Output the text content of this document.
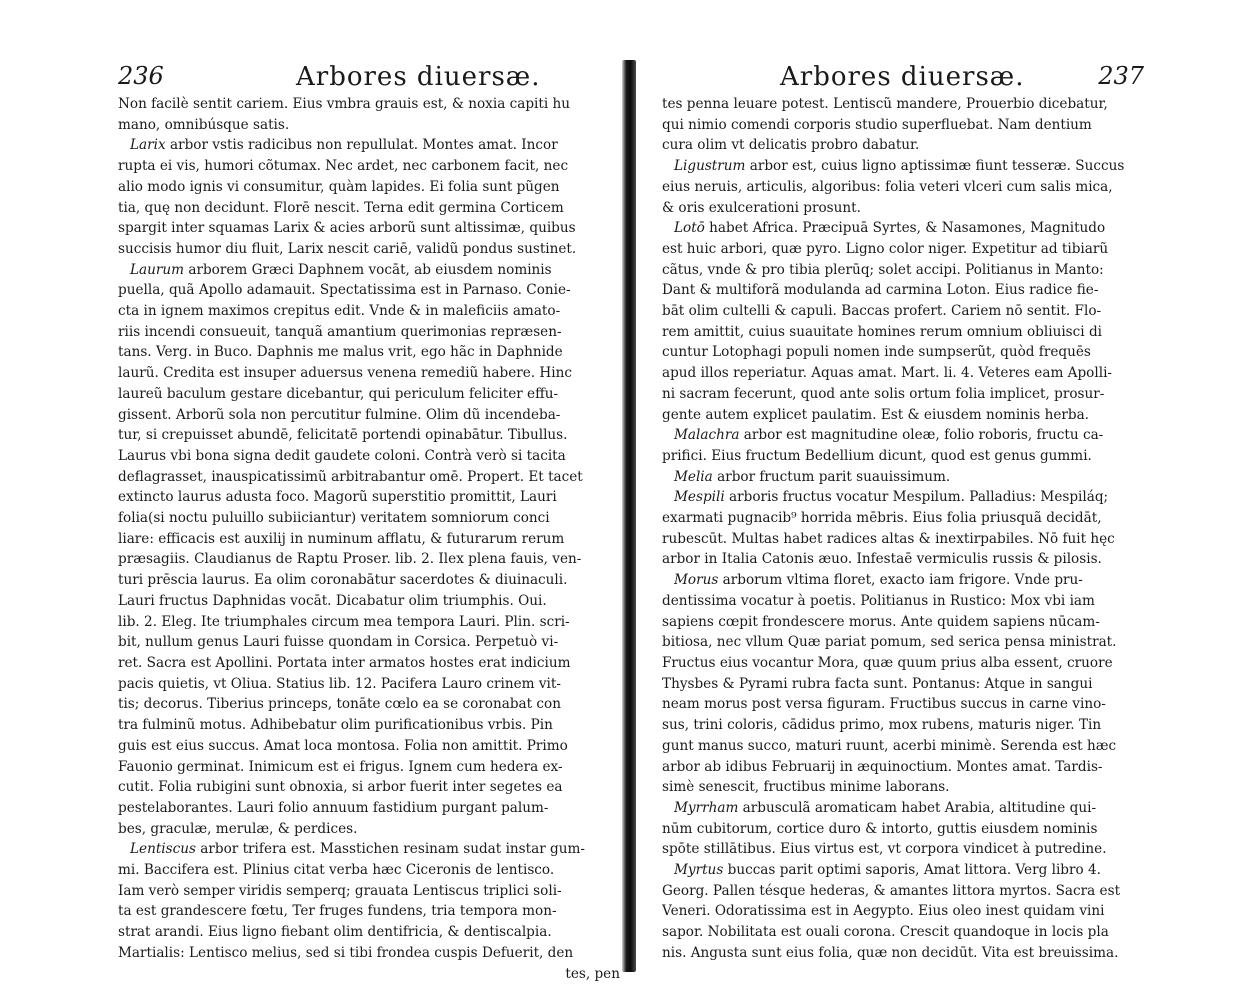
236	Arbores diuersæ.
Non facilè sentit cariem. Eius vmbra grauis est, & noxia capiti hu
mano, omnibúsque satis.
Larix arbor vstis radicibus non repullulat. Montes amat. Incor
rupta ei vis, humori cõtumax. Nec ardet, nec carbonem facit, nec
alio modo ignis vi consumitur, quàm lapides. Ei folia sunt pũgen
tia, quę non decidunt. Florē nescit. Terna edit germina Corticem
spargit inter squamas Larix & acies arborũ sunt altissimæ, quibus
succisis humor diu fluit, Larix nescit cariē, validũ pondus sustinet.
Laurum arborem Græci Daphnem vocāt, ab eiusdem nominis
puella, quã Apollo adamauit. Spectatissima est in Parnaso. Conie-
cta in ignem maximos crepitus edit. Vnde & in maleficiis amato-
riis incendi consueuit, tanquã amantium querimonias repræsen-
tans. Verg. in Buco. Daphnis me malus vrit, ego hãc in Daphnide
laurũ. Credita est insuper aduersus venena remediũ habere. Hinc
laureũ baculum gestare dicebantur, qui periculum feliciter effu-
gissent. Arborũ sola non percutitur fulmine. Olim dũ incendeba-
tur, si crepuisset abundē, felicitatē portendi opinabātur. Tibullus.
Laurus vbi bona signa dedit gaudete coloni. Contrà verò si tacita
deflagrasset, inauspicatissimũ arbitrabantur omē. Propert. Et tacet
extincto laurus adusta foco. Magorũ superstitio promittit, Lauri
folia(si noctu puluillo subiiciantur) veritatem somniorum conci
liare: efficacis est auxilij in numinum afflatu, & futurarum rerum
præsagiis. Claudianus de Raptu Proser. lib. 2. Ilex plena fauis, ven-
turi prēscia laurus. Ea olim coronabātur sacerdotes & diuinaculi.
Lauri fructus Daphnidas vocāt. Dicabatur olim triumphis. Oui.
lib. 2. Eleg. Ite triumphales circum mea tempora Lauri. Plin. scri-
bit, nullum genus Lauri fuisse quondam in Corsica. Perpetuò vi-
ret. Sacra est Apollini. Portata inter armatos hostes erat indicium
pacis quietis, vt Oliua. Statius lib. 12. Pacifera Lauro crinem vit-
tis; decorus. Tiberius princeps, tonāte cœlo ea se coronabat con
tra fulminũ motus. Adhibebatur olim purificationibus vrbis. Pin
guis est eius succus. Amat loca montosa. Folia non amittit. Primo
Fauonio germinat. Inimicum est ei frigus. Ignem cum hedera ex-
cutit. Folia rubigini sunt obnoxia, si arbor fuerit inter segetes ea
pestelaborantes. Lauri folio annuum fastidium purgant palum-
bes, graculæ, merulæ, & perdices.
Lentiscus arbor trifera est. Masstichen resinam sudat instar gum-
mi. Baccifera est. Plinius citat verba hæc Ciceronis de lentisco.
Iam verò semper viridis semperq; grauata Lentiscus triplici soli-
ta est grandescere fœtu, Ter fruges fundens, tria tempora mon-
strat arandi. Eius ligno fiebant olim dentifricia, & dentiscalpia.
Martialis: Lentisco melius, sed si tibi frondea cuspis Defuerit, den
tes, pen
Arbores diuersæ.	237
tes penna leuare potest. Lentiscũ mandere, Prouerbio dicebatur,
qui nimio comendi corporis studio superfluebat. Nam dentium
cura olim vt delicatis probro dabatur.
Ligustrum arbor est, cuius ligno aptissimæ fiunt tesseræ. Succus
eius neruis, articulis, algoribus: folia veteri vlceri cum salis mica,
& oris exulcerationi prosunt.
Lotō habet Africa. Præcipuā Syrtes, & Nasamones, Magnitudo
est huic arbori, quæ pyro. Ligno color niger. Expetitur ad tibiarũ
cãtus, vnde & pro tibia plerūq; solet accipi. Politianus in Manto:
Dant & multiforã modulanda ad carmina Loton. Eius radice fie-
bāt olim cultelli & capuli. Baccas profert. Cariem nō sentit. Flo-
rem amittit, cuius suauitate homines rerum omnium obliuisci di
cuntur Lotophagi populi nomen inde sumpserũt, quòd frequēs
apud illos reperiatur. Aquas amat. Mart. li. 4. Veteres eam Apolli-
ni sacram fecerunt, quod ante solis ortum folia implicet, prosur-
gente autem explicet paulatim. Est & eiusdem nominis herba.
Malachra arbor est magnitudine oleæ, folio roboris, fructu ca-
prifici. Eius fructum Bedellium dicunt, quod est genus gummi.
Melia arbor fructum parit suauissimum.
Mespili arboris fructus vocatur Mespilum. Palladius: Mespiláq;
exarmati pugnacib⁹ horrida mēbris. Eius folia priusquã decidāt,
rubescūt. Multas habet radices altas & inextirpabiles. Nō fuit hęc
arbor in Italia Catonis æuo. Infestaē vermiculis russis & pilosis.
Morus arborum vltima floret, exacto iam frigore. Vnde pru-
dentissima vocatur à poetis. Politianus in Rustico: Mox vbi iam
sapiens cœpit frondescere morus. Ante quidem sapiens nūcam-
bitiosa, nec vllum Quæ pariat pomum, sed serica pensa ministrat.
Fructus eius vocantur Mora, quæ quum prius alba essent, cruore
Thysbes & Pyrami rubra facta sunt. Pontanus: Atque in sangui
neam morus post versa figuram. Fructibus succus in carne vino-
sus, trini coloris, cādidus primo, mox rubens, maturis niger. Tin
gunt manus succo, maturi ruunt, acerbi minimè. Serenda est hæc
arbor ab idibus Februarij in æquinoctium. Montes amat. Tardis-
simè senescit, fructibus minime laborans.
Myrrham arbusculã aromaticam habet Arabia, altitudine qui-
nūm cubitorum, cortice duro & intorto, guttis eiusdem nominis
spōte stillātibus. Eius virtus est, vt corpora vindicet à putredine.
Myrtus buccas parit optimi saporis, Amat littora. Verg libro 4.
Georg. Pallen tésque hederas, & amantes littora myrtos. Sacra est
Veneri. Odoratissima est in Aegypto. Eius oleo inest quidam vini
sapor. Nobilitata est ouali corona. Crescit quandoque in locis pla
nis. Angusta sunt eius folia, quæ non decidūt. Vita est breuissima.
